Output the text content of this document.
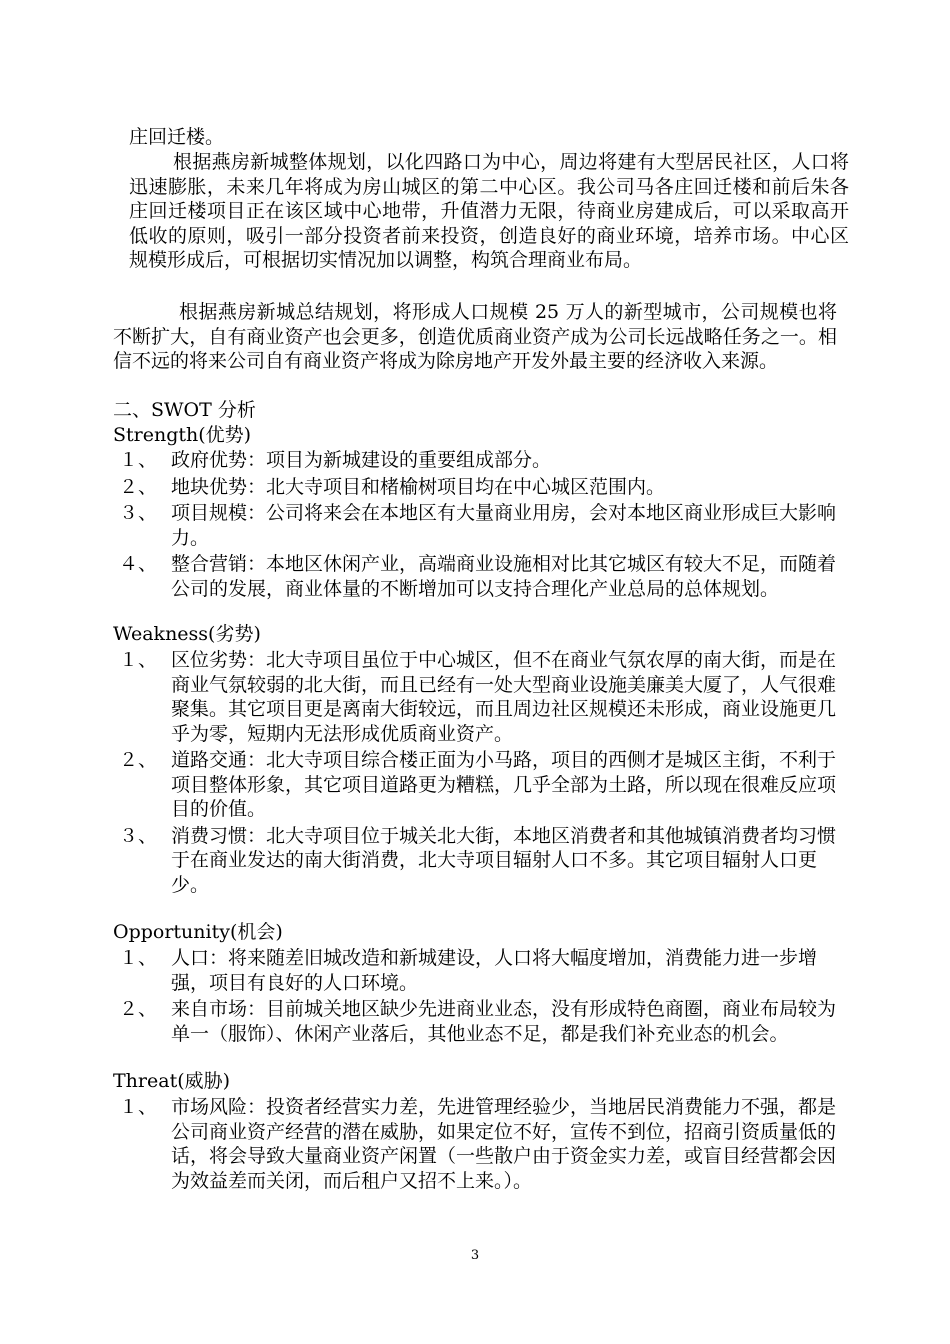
庄回迁楼。
根据燕房新城整体规划，以化四路口为中心，周边将建有大型居民社区，人口将迅速膨胀，未来几年将成为房山城区的第二中心区。我公司马各庄回迁楼和前后朱各庄回迁楼项目正在该区域中心地带，升值潜力无限，待商业房建成后，可以采取高开低收的原则，吸引一部分投资者前来投资，创造良好的商业环境，培养市场。中心区规模形成后，可根据切实情况加以调整，构筑合理商业布局。
根据燕房新城总结规划，将形成人口规模 25 万人的新型城市，公司规模也将不断扩大，自有商业资产也会更多，创造优质商业资产成为公司长远战略任务之一。相信不远的将来公司自有商业资产将成为除房地产开发外最主要的经济收入来源。
二、SWOT 分析
Strength(优势)

１、 政府优势：项目为新城建设的重要组成部分。

２、 地块优势：北大寺项目和楮榆树项目均在中心城区范围内。

３、 项目规模：公司将来会在本地区有大量商业用房，会对本地区商业形成巨大影响力。

４、 整合营销：本地区休闲产业，高端商业设施相对比其它城区有较大不足，而随着公司的发展，商业体量的不断增加可以支持合理化产业总局的总体规划。

Weakness(劣势)

１、 区位劣势：北大寺项目虽位于中心城区，但不在商业气氛农厚的南大街，而是在商业气氛较弱的北大街，而且已经有一处大型商业设施美廉美大厦了，人气很难聚集。其它项目更是离南大街较远，而且周边社区规模还未形成，商业设施更几乎为零，短期内无法形成优质商业资产。

２、 道路交通：北大寺项目综合楼正面为小马路，项目的西侧才是城区主街，不利于项目整体形象，其它项目道路更为糟糕，几乎全部为土路，所以现在很难反应项目的价值。

３、 消费习惯：北大寺项目位于城关北大街，本地区消费者和其他城镇消费者均习惯于在商业发达的南大街消费，北大寺项目辐射人口不多。其它项目辐射人口更少。

Opportunity(机会)

１、 人口：将来随差旧城改造和新城建设，人口将大幅度增加，消费能力进一步增强，项目有良好的人口环境。

２、 来自市场：目前城关地区缺少先进商业业态，没有形成特色商圈，商业布局较为单一（服饰）、休闲产业落后，其他业态不足，都是我们补充业态的机会。

Threat(威胁)

１、 市场风险：投资者经营实力差，先进管理经验少，当地居民消费能力不强，都是公司商业资产经营的潜在威胁，如果定位不好，宣传不到位，招商引资质量低的话，将会导致大量商业资产闲置（一些散户由于资金实力差，或盲目经营都会因为效益差而关闭，而后租户又招不上来。）。

3
